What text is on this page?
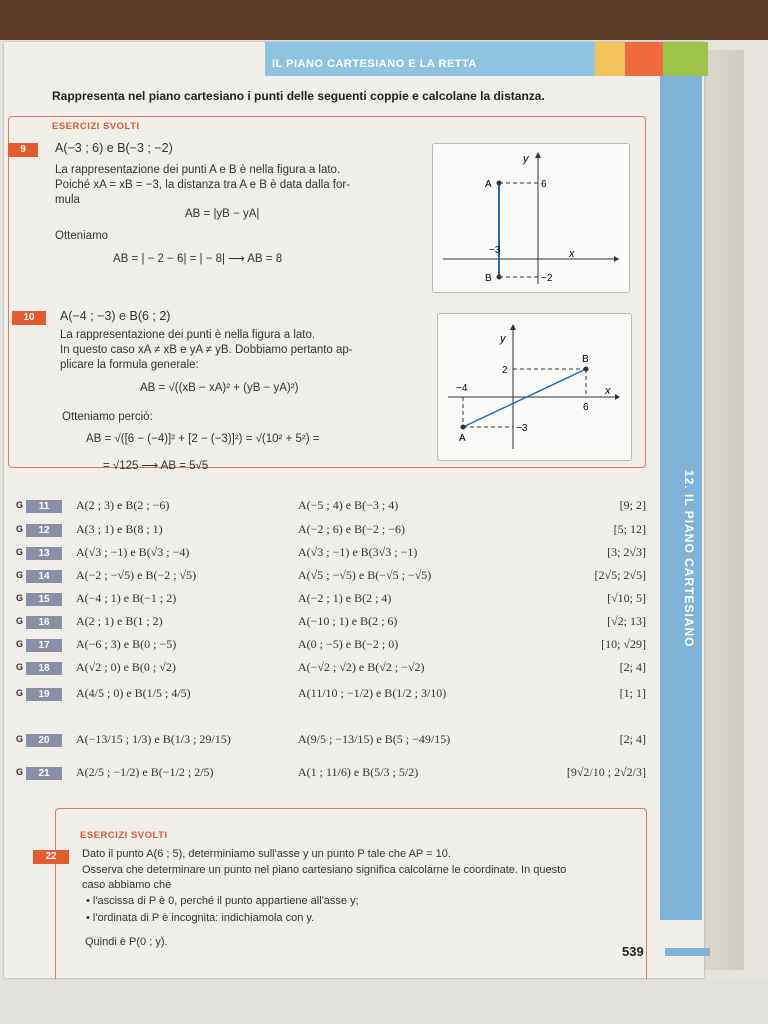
12. IL PIANO CARTESIANO
IL PIANO CARTESIANO E LA RETTA
Rappresenta nel piano cartesiano i punti delle seguenti coppie e calcolane la distanza.
ESERCIZI SVOLTI
9	A(−3 ; 6) e B(−3 ; −2)
La rappresentazione dei punti A e B è nella figura a lato.
Poiché xA = xB = −3, la distanza tra A e B è data dalla for-
mula
AB = |yB − yA|
Otteniamo
AB = | − 2 − 6| = | − 8| ⟶ AB = 8
y
x
A
B
6
−2
−3
10	A(−4 ; −3) e B(6 ; 2)
La rappresentazione dei punti è nella figura a lato.
In questo caso xA ≠ xB e yA ≠ yB. Dobbiamo pertanto ap-
plicare la formula generale:
AB = √((xB − xA)² + (yB − yA)²)
Otteniamo perciò:
AB = √([6 − (−4)]² + [2 − (−3)]²) = √(10² + 5²) =
= √125 ⟶ AB = 5√5
y
x
A
B
2
6
−4
−3
G	11	A(2 ; 3) e B(2 ; −6)	A(−5 ; 4) e B(−3 ; 4)	[9; 2]
G	12	A(3 ; 1) e B(8 ; 1)	A(−2 ; 6) e B(−2 ; −6)	[5; 12]
G	13	A(√3 ; −1) e B(√3 ; −4)	A(√3 ; −1) e B(3√3 ; −1)	[3; 2√3]
G	14	A(−2 ; −√5) e B(−2 ; √5)	A(√5 ; −√5) e B(−√5 ; −√5)	[2√5; 2√5]
G	15	A(−4 ; 1) e B(−1 ; 2)	A(−2 ; 1) e B(2 ; 4)	[√10; 5]
G	16	A(2 ; 1) e B(1 ; 2)	A(−10 ; 1) e B(2 ; 6)	[√2; 13]
G	17	A(−6 ; 3) e B(0 ; −5)	A(0 ; −5) e B(−2 ; 0)	[10; √29]
G	18	A(√2 ; 0) e B(0 ; √2)	A(−√2 ; √2) e B(√2 ; −√2)	[2; 4]
G	19	A(4/5 ; 0) e B(1/5 ; 4/5)	A(11/10 ; −1/2) e B(1/2 ; 3/10)	[1; 1]
G	20	A(−13/15 ; 1/3) e B(1/3 ; 29/15)	A(9/5 ; −13/15) e B(5 ; −49/15)	[2; 4]
G	21	A(2/5 ; −1/2) e B(−1/2 ; 2/5)	A(1 ; 11/6) e B(5/3 ; 5/2)	[9√2/10 ; 2√2/3]
ESERCIZI SVOLTI
22	Dato il punto A(6 ; 5), determiniamo sull'asse y un punto P tale che AP = 10.
Osserva che determinare un punto nel piano cartesiano significa calcolarne le coordinate. In questo
caso abbiamo che
• l'ascissa di P è 0, perché il punto appartiene all'asse y;
• l'ordinata di P è incognita: indichiamola con y.
Quindi è P(0 ; y).
539
